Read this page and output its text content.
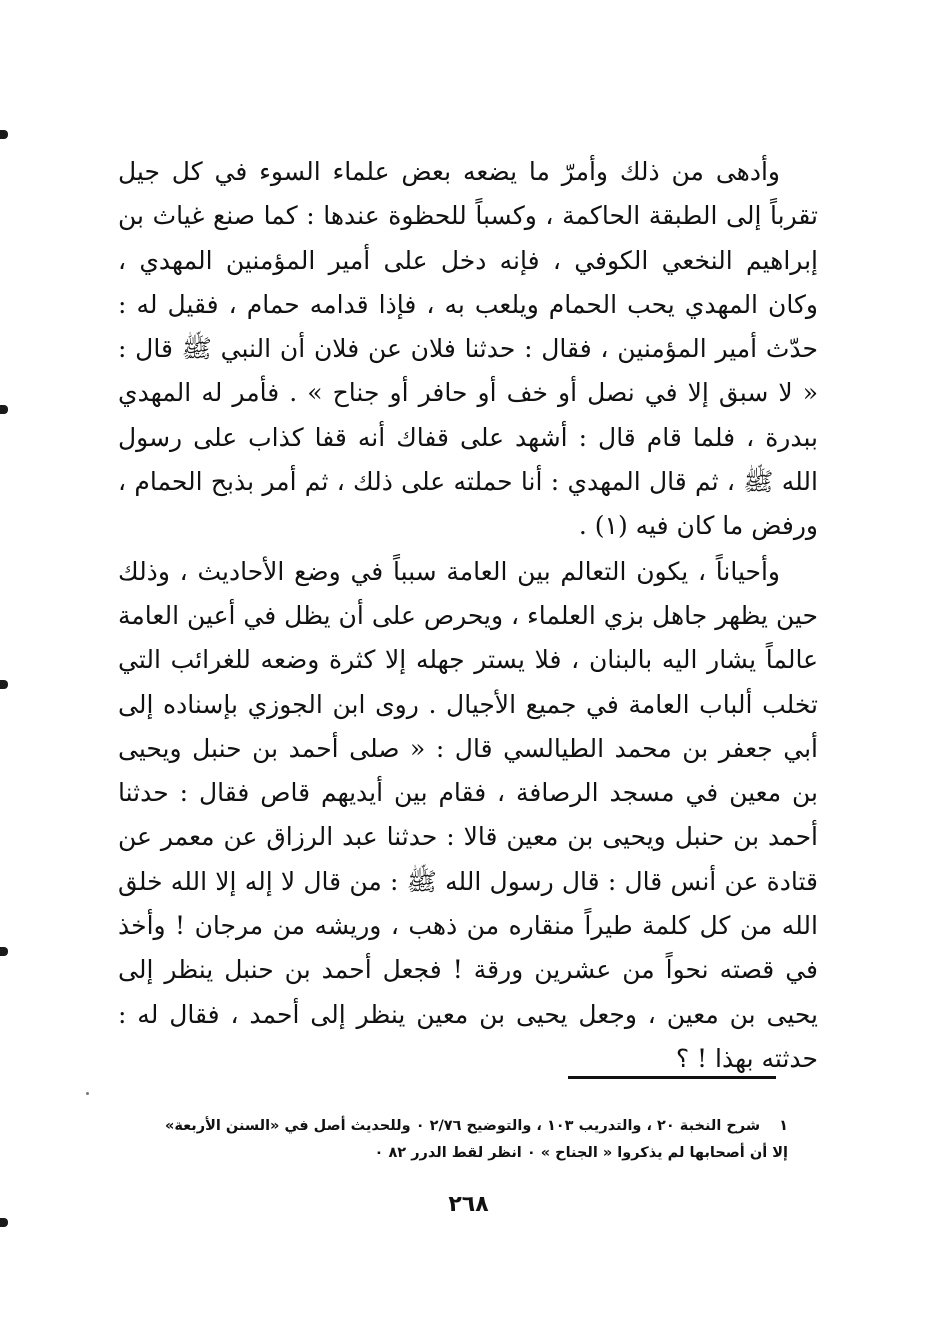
وأدهى من ذلك وأمرّ ما يضعه بعض علماء السوء في كل جيل تقرباً إلى الطبقة الحاكمة ، وكسباً للحظوة عندها : كما صنع غياث بن إبراهيم النخعي الكوفي ، فإنه دخل على أمير المؤمنين المهدي ، وكان المهدي يحب الحمام ويلعب به ، فإذا قدامه حمام ، فقيل له : حدّث أمير المؤمنين ، فقال : حدثنا فلان عن فلان أن النبي ﷺ قال : « لا سبق إلا في نصل أو خف أو حافر أو جناح » . فأمر له المهدي ببدرة ، فلما قام قال : أشهد على قفاك أنه قفا كذاب على رسول الله ﷺ ، ثم قال المهدي : أنا حملته على ذلك ، ثم أمر بذبح الحمام ، ورفض ما كان فيه (١) .

وأحياناً ، يكون التعالم بين العامة سبباً في وضع الأحاديث ، وذلك حين يظهر جاهل بزي العلماء ، ويحرص على أن يظل في أعين العامة عالماً يشار اليه بالبنان ، فلا يستر جهله إلا كثرة وضعه للغرائب التي تخلب ألباب العامة في جميع الأجيال . روى ابن الجوزي بإسناده إلى أبي جعفر بن محمد الطيالسي قال : « صلى أحمد بن حنبل ويحيى بن معين في مسجد الرصافة ، فقام بين أيديهم قاص فقال : حدثنا أحمد بن حنبل ويحيى بن معين قالا : حدثنا عبد الرزاق عن معمر عن قتادة عن أنس قال : قال رسول الله ﷺ : من قال لا إله إلا الله خلق الله من كل كلمة طيراً منقاره من ذهب ، وريشه من مرجان ! وأخذ في قصته نحواً من عشرين ورقة ! فجعل أحمد بن حنبل ينظر إلى يحيى بن معين ، وجعل يحيى بن معين ينظر إلى أحمد ، فقال له : حدثته بهذا ! ؟

١ شرح النخبة ٢٠ ، والتدريب ١٠٣ ، والتوضيح ٢/٧٦ ٠ وللحديث أصل في «السنن الأربعة»

إلا أن أصحابها لم يذكروا « الجناح » ٠ انظر لقط الدرر ٨٢ ٠

٢٦٨
